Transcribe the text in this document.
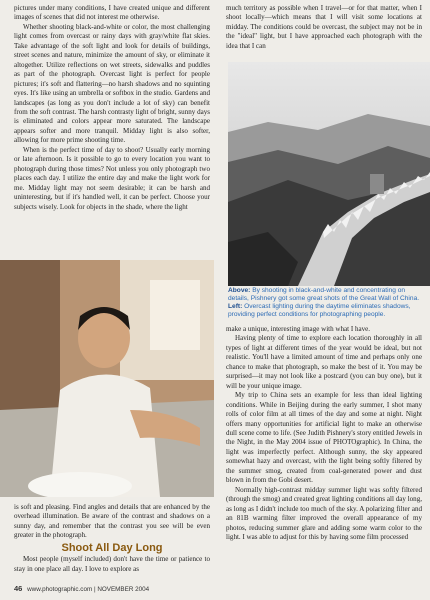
pictures under many conditions, I have created unique and different images of scenes that did not interest me otherwise.

Whether shooting black-and-white or color, the most challenging light comes from overcast or rainy days with gray/white flat skies. Take advantage of the soft light and look for details of buildings, street scenes and nature, minimize the amount of sky, or eliminate it altogether. Utilize reflections on wet streets, sidewalks and puddles as part of the photograph. Overcast light is perfect for people pictures; it's soft and flattering—no harsh shadows and no squinting eyes. It's like using an umbrella or softbox in the studio. Gardens and landscapes (as long as you don't include a lot of sky) can benefit from the soft contrast. The harsh contrasty light of bright, sunny days is eliminated and colors appear more saturated. The landscape appears softer and more tranquil. Midday light is also softer, allowing for more prime shooting time.

When is the perfect time of day to shoot? Usually early morning or late afternoon. Is it possible to go to every location you want to photograph during those times? Not unless you only photograph two places each day. I utilize the entire day and make the light work for me. Midday light may not seem desirable; it can be harsh and uninteresting, but if it's handled well, it can be perfect. Choose your subjects wisely. Look for objects in the shade, where the light

much territory as possible when I travel—or for that matter, when I shoot locally—which means that I will visit some locations at midday. The conditions could be overcast, the subject may not be in the "ideal" light, but I have approached each photograph with the idea that I can

Above: By shooting in black-and-white and concentrating on details, Pishnery got some great shots of the Great Wall of China. Left: Overcast lighting during the daytime eliminates shadows, providing perfect conditions for photographing people.

is soft and pleasing. Find angles and details that are enhanced by the overhead illumination. Be aware of the contrast and shadows on a sunny day, and remember that the contrast you see will be even greater in the photograph.

Shoot All Day Long

Most people (myself included) don't have the time or patience to stay in one place all day. I love to explore as

make a unique, interesting image with what I have.

Having plenty of time to explore each location thoroughly in all types of light at different times of the year would be ideal, but not realistic. You'll have a limited amount of time and perhaps only one chance to make that photograph, so make the best of it. You may be surprised—it may not look like a postcard (you can buy one), but it will be your unique image.

My trip to China sets an example for less than ideal lighting conditions. While in Beijing during the early summer, I shot many rolls of color film at all times of the day and some at night. Night offers many opportunities for artificial light to make an otherwise dull scene come to life. (See Judith Pishnery's story entitled Jewels in the Night, in the May 2004 issue of PHOTOgraphic). In China, the light was imperfectly perfect. Although sunny, the sky appeared somewhat hazy and overcast, with the light being softly filtered by the summer smog, created from coal-generated power and dust blown in from the Gobi desert.

Normally high-contrast midday summer light was softly filtered (through the smog) and created great lighting conditions all day long, as long as I didn't include too much of the sky. A polarizing filter and an 81B warming filter improved the overall appearance of my photos, reducing summer glare and adding some warm color to the light. I was able to adjust for this by having some film processed

46 www.photographic.com | NOVEMBER 2004
